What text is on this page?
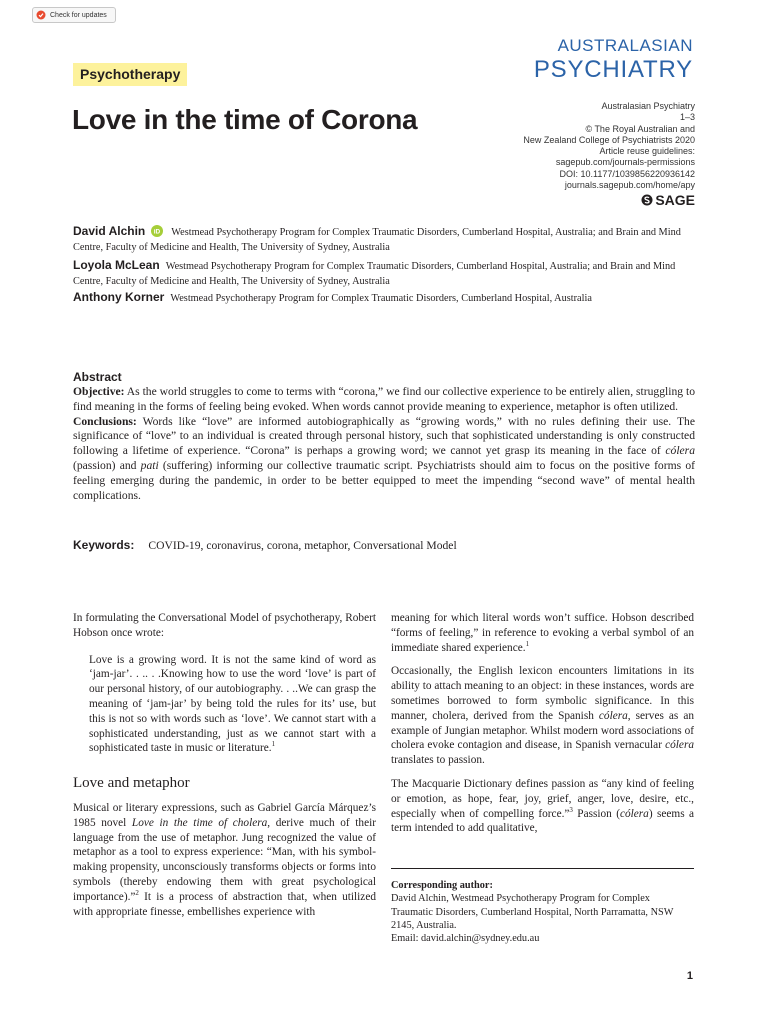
Check for updates
AUSTRALASIAN
PSYCHIATRY
Psychotherapy
Love in the time of Corona	Australasian Psychiatry
1–3
© The Royal Australian and
New Zealand College of Psychiatrists 2020
Article reuse guidelines:
sagepub.com/journals-permissions
DOI: 10.1177/1039856220936142
journals.sagepub.com/home/apy
SAGE
David Alchin iD Westmead Psychotherapy Program for Complex Traumatic Disorders, Cumberland Hospital, Australia; and Brain and Mind Centre, Faculty of Medicine and Health, The University of Sydney, Australia
Loyola McLean Westmead Psychotherapy Program for Complex Traumatic Disorders, Cumberland Hospital, Australia; and Brain and Mind Centre, Faculty of Medicine and Health, The University of Sydney, Australia
Anthony Korner Westmead Psychotherapy Program for Complex Traumatic Disorders, Cumberland Hospital, Australia
Abstract

Objective: As the world struggles to come to terms with “corona,” we find our collective experience to be entirely alien, struggling to find meaning in the forms of feeling being evoked. When words cannot provide meaning to experience, metaphor is often utilized.

Conclusions: Words like “love” are informed autobiographically as “growing words,” with no rules defining their use. The significance of “love” to an individual is created through personal history, such that sophisticated understanding is only constructed following a lifetime of experience. “Corona” is perhaps a growing word; we cannot yet grasp its meaning in the face of cólera (passion) and pati (suffering) informing our collective traumatic script. Psychiatrists should aim to focus on the positive forms of feeling emerging during the pandemic, in order to be better equipped to meet the impending “second wave” of mental health complications.

Keywords: COVID-19, coronavirus, corona, metaphor, Conversational Model

In formulating the Conversational Model of psychotherapy, Robert Hobson once wrote:

Love is a growing word. It is not the same kind of word as ‘jam-jar’. . .. . .Knowing how to use the word ‘love’ is part of our personal history, of our autobiography. . ..We can grasp the meaning of ‘jam-jar’ by being told the rules for its’ use, but this is not so with words such as ‘love’. We cannot start with a sophisticated understanding, just as we cannot start with a sophisticated taste in music or literature.$^1$

Love and metaphor

Musical or literary expressions, such as Gabriel García Márquez’s 1985 novel Love in the time of cholera, derive much of their language from the use of metaphor. Jung recognized the value of metaphor as a tool to express experience: “Man, with his symbol-making propensity, unconsciously transforms objects or forms into symbols (thereby endowing them with great psychological importance).”$^2$ It is a process of abstraction that, when utilized with appropriate finesse, embellishes experience with

meaning for which literal words won’t suffice. Hobson described “forms of feeling,” in reference to evoking a verbal symbol of an immediate shared experience.$^1$

Occasionally, the English lexicon encounters limitations in its ability to attach meaning to an object: in these instances, words are sometimes borrowed to form symbolic significance. In this manner, cholera, derived from the Spanish cólera, serves as an example of Jungian metaphor. Whilst modern word associations of cholera evoke contagion and disease, in Spanish vernacular cólera translates to passion.

The Macquarie Dictionary defines passion as “any kind of feeling or emotion, as hope, fear, joy, grief, anger, love, desire, etc., especially when of compelling force.”$^3$ Passion (cólera) seems a term intended to add qualitative,

Corresponding author:
David Alchin, Westmead Psychotherapy Program for Complex Traumatic Disorders, Cumberland Hospital, North Parramatta, NSW 2145, Australia.
Email: david.alchin@sydney.edu.au
1
